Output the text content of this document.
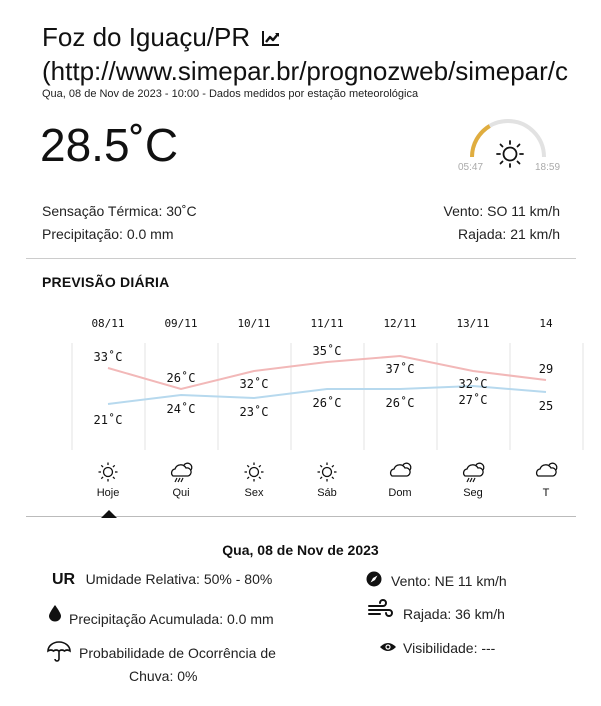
Foz do Iguaçu/PR
(http://www.simepar.br/prognozweb/simepar/c
Qua, 08 de Nov de 2023 - 10:00 - Dados medidos por estação meteorológica
28.5˚C	05:47	18:59
Sensação Térmica: 30˚C
Precipitação: 0.0 mm
Vento: SO 11 km/h
Rajada: 21 km/h
PREVISÃO DIÁRIA
08/11
33˚C
21˚C
Hoje
09/11
26˚C
24˚C
Qui
10/11
32˚C
23˚C
Sex
11/11
35˚C
26˚C
Sáb
12/11
37˚C
26˚C
Dom
13/11
32˚C
27˚C
Seg
14
29
25
T
Qua, 08 de Nov de 2023
UR Umidade Relativa: 50% - 80%
Precipitação Acumulada: 0.0 mm
Probabilidade de Ocorrência de
Chuva: 0%
Vento: NE 11 km/h
Rajada: 36 km/h
Visibilidade: ---
